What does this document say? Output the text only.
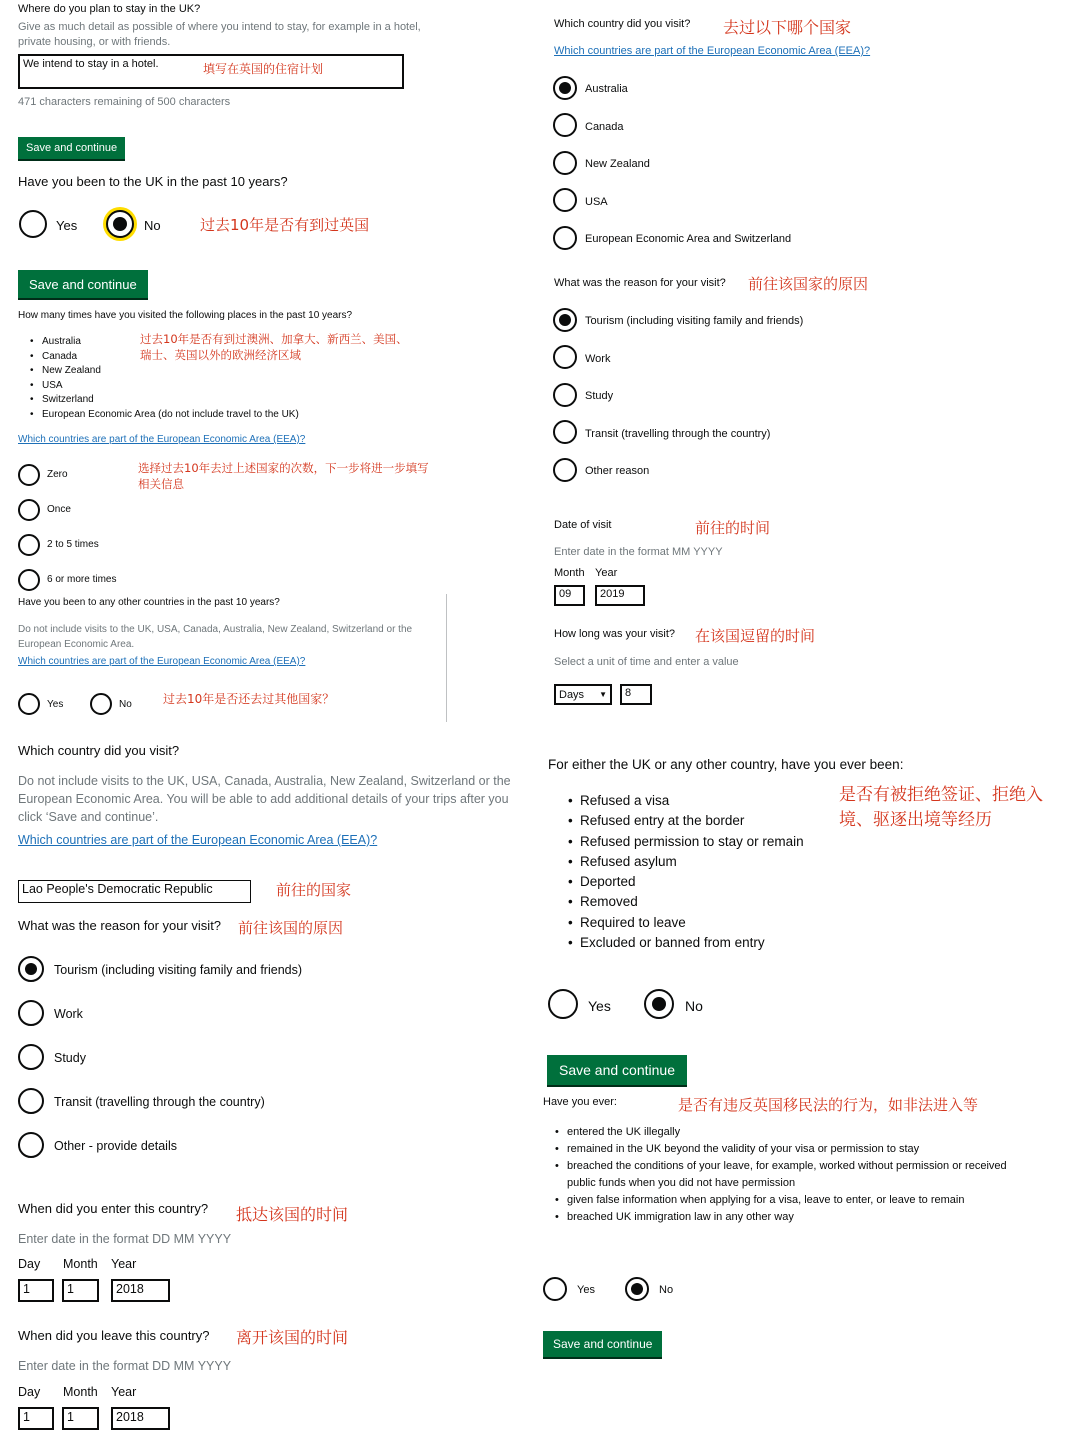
Where do you plan to stay in the UK?
Give as much detail as possible of where you intend to stay, for example in a hotel, private housing, or with friends.
We intend to stay in a hotel.	填写在英国的住宿计划
471 characters remaining of 500 characters
Save and continue
Have you been to the UK in the past 10 years?
Yes	No	过去10年是否有到过英国
Save and continue
How many times have you visited the following places in the past 10 years?
• Australia
• Canada
• New Zealand
• USA
• Switzerland
• European Economic Area (do not include travel to the UK)
过去10年是否有到过澳洲、加拿大、新西兰、美国、瑞士、英国以外的欧洲经济区域
Which countries are part of the European Economic Area (EEA)?
Zero
Once
2 to 5 times
6 or more times
选择过去10年去过上述国家的次数，下一步将进一步填写相关信息
Have you been to any other countries in the past 10 years?
Do not include visits to the UK, USA, Canada, Australia, New Zealand, Switzerland or the European Economic Area.
Which countries are part of the European Economic Area (EEA)?
Yes	No	过去10年是否还去过其他国家？
Which country did you visit? 去过以下哪个国家
Which countries are part of the European Economic Area (EEA)?
Australia
Canada
New Zealand
USA
European Economic Area and Switzerland
What was the reason for your visit? 前往该国家的原因
Tourism (including visiting family and friends)
Work
Study
Transit (travelling through the country)
Other reason
Date of visit	前往的时间
Enter date in the format MM YYYY
Month Year
09	2019
How long was your visit? 在该国逗留的时间
Select a unit of time and enter a value
Days ▼	8
Which country did you visit?
Do not include visits to the UK, USA, Canada, Australia, New Zealand, Switzerland or the European Economic Area. You will be able to add additional details of your trips after you click ‘Save and continue’.
Which countries are part of the European Economic Area (EEA)?
Lao People's Democratic Republic	前往的国家
What was the reason for your visit? 前往该国的原因
Tourism (including visiting family and friends)
Work
Study
Transit (travelling through the country)
Other - provide details
When did you enter this country? 抵达该国的时间
Enter date in the format DD MM YYYY
Day Month Year
1	1	2018
When did you leave this country? 离开该国的时间
Enter date in the format DD MM YYYY
Day Month Year
1	1	2018
For either the UK or any other country, have you ever been:
• Refused a visa
• Refused entry at the border
• Refused permission to stay or remain
• Refused asylum
• Deported
• Removed
• Required to leave
• Excluded or banned from entry
是否有被拒绝签证、拒绝入境、驱逐出境等经历
Yes	No
Save and continue
Have you ever:	是否有违反英国移民法的行为，如非法进入等
• entered the UK illegally
• remained in the UK beyond the validity of your visa or permission to stay
• breached the conditions of your leave, for example, worked without permission or received public funds when you did not have permission
• given false information when applying for a visa, leave to enter, or leave to remain
• breached UK immigration law in any other way
Yes	No
Save and continue
